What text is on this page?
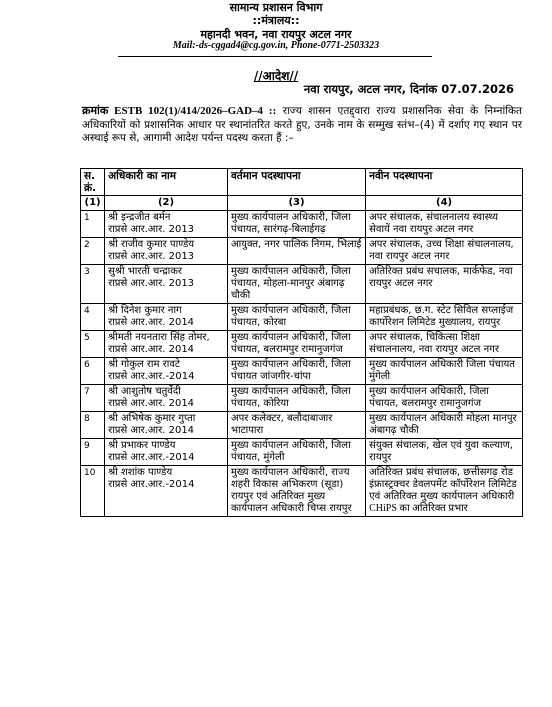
सामान्य प्रशासन विभाग
::मंत्रालय::
महानदी भवन, नवा रायपुर अटल नगर
Mail:-ds-cggad4@cg.gov.in, Phone-0771-2503323
//आदेश//
नवा रायपुर, अटल नगर, दिनांक 07.07.2026
क्रमांक ESTB 102(1)/414/2026–GAD–4 :: राज्य शासन एतद्द्वारा राज्य प्रशासनिक सेवा के निम्नांकित अधिकारियों को प्रशासनिक आधार पर स्थानांतरित करते हुए, उनके नाम के सम्मुख स्तंभ–(4) में दर्शाए गए स्थान पर अस्थाई रूप से, आगामी आदेश पर्यन्त पदस्थ करता हैं :–
स. क्रं.	अधिकारी का नाम	वर्तमान पदस्थापना	नवीन पदस्थापना
(1)	(2)	(3)	(4)
1	श्री इन्द्रजीत बर्मन
राप्रसे आर.आर. 2013	मुख्य कार्यपालन अधिकारी, जिला पंचायत, सारंगढ़-बिलाईगढ़	अपर संचालक, संचालनालय स्वास्थ्य सेवायें नवा रायपुर अटल नगर
2	श्री राजीव कुमार पाण्डेय
राप्रसे आर.आर. 2013	आयुक्त, नगर पालिक निगम, भिलाई	अपर संचालक, उच्च शिक्षा संचालनालय, नवा रायपुर अटल नगर
3	सुश्री भारती चन्द्राकर
राप्रसे आर.आर. 2013	मुख्य कार्यपालन अधिकारी, जिला पंचायत, मोहला-मानपुर अंबागढ़ चौकी	अतिरिक्त प्रबंध सचालक, मार्कफेड, नवा रायपुर अटल नगर
4	श्री दिनेश कुमार नाग
राप्रसे आर.आर. 2014	मुख्य कार्यपालन अधिकारी, जिला पंचायत, कोरबा	महाप्रबंधक, छ.ग. स्टेट सिविल सप्लाईज कार्पोरेशन लिमिटेड मुख्यालय, रायपुर
5	श्रीमती नयनतारा सिंह तोमर,
राप्रसे आर.आर. 2014	मुख्य कार्यपालन अधिकारी, जिला पंचायत, बलरामपुर रामानुजगंज	अपर संचालक, चिकित्सा शिक्षा संचालनालय, नवा रायपुर अटल नगर
6	श्री गोकुल राम रावटे
राप्रसे आर.आर.-2014	मुख्य कार्यपालन अधिकारी, जिला पंचायत जांजगीर-चांपा	मुख्य कार्यपालन अधिकारी जिला पंचायत मुंगेली
7	श्री आशुतोष चतुर्वेदी
राप्रसे आर.आर. 2014	मुख्य कार्यपालन अधिकारी, जिला पंचायत, कोरिया	मुख्य कार्यपालन अधिकारी, जिला पंचायत, बलरामपुर रामानुजगंज
8	श्री अभिषेक कुमार गुप्ता
राप्रसे आर.आर. 2014	अपर कलेक्टर, बलौदाबाजार भाटापारा	मुख्य कार्यपालन अधिकारी मोहला मानपुर अंबागढ़ चौकी
9	श्री प्रभाकर पाण्डेय
राप्रसे आर.आर.-2014	मुख्य कार्यपालन अधिकारी, जिला पंचायत, मुंगेली	संयुक्त संचालक, खेल एवं युवा कल्याण, रायपुर
10	श्री शशांक पाण्डेय
राप्रसे आर.आर.-2014	मुख्य कार्यपालन अधिकारी, राज्य शहरी विकास अभिकरण (सूडा) रायपुर एवं अतिरिक्त मुख्य कार्यपालन अधिकारी चिप्स रायपुर	अतिरिक्त प्रबंध संचालक, छत्तीसगढ़ रोड इंफ्रास्ट्रक्चर डेवलपमेंट कॉर्पोरेशन लिमिटेड एवं अतिरिक्त मुख्य कार्यपालन अधिकारी CHiPS का अतिरिक्त प्रभार
